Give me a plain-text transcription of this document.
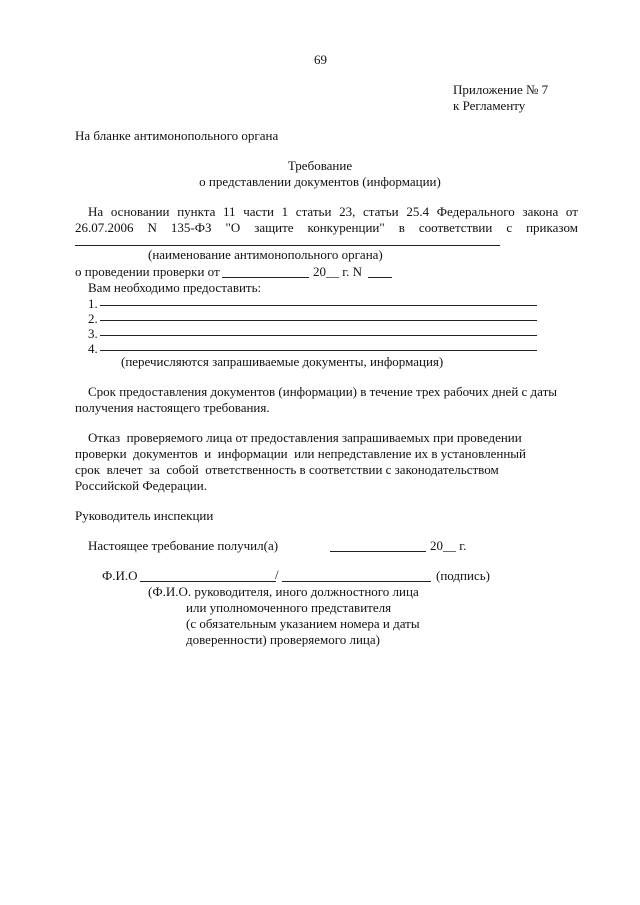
69
Приложение № 7
к Регламенту
На бланке антимонопольного органа
Требование
о представлении документов (информации)
На основании пункта 11 части 1 статьи 23, статьи 25.4 Федерального закона от
26.07.2006 N 135-ФЗ "О защите конкуренции" в соответствии с приказом
(наименование антимонопольного органа)
о проведении проверки от	20__ г. N
Вам необходимо предоставить:
1.
2.
3.
4.
(перечисляются запрашиваемые документы, информация)
Срок предоставления документов (информации) в течение трех рабочих дней с даты
получения настоящего требования.
Отказ  проверяемого лица от предоставления запрашиваемых при проведении
проверки  документов  и  информации  или непредставление их в установленный
срок  влечет  за  собой  ответственность в соответствии с законодательством
Российской Федерации.
Руководитель инспекции
Настоящее требование получил(а)	20__ г.
Ф.И.О	/	(подпись)
(Ф.И.О. руководителя, иного должностного лица
или уполномоченного представителя
(с обязательным указанием номера и даты
доверенности) проверяемого лица)
